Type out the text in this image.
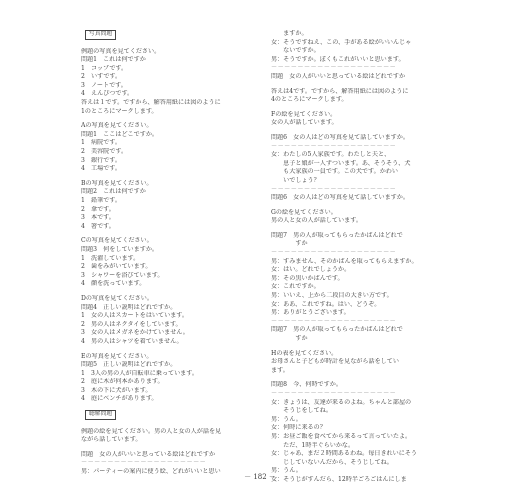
写真問題
例題の写真を見てください。
問題1　これは何ですか
1　コップです。
2　いすです。
3　ノートです。
4　えんぴつです。
答えは１です。ですから、解答用紙には図のように
1のところにマークします。
Aの写真を見てください。
問題1　ここはどこですか。
1　病院です。
2　美容院です。
3　銀行です。
4　工場です。
Bの写真を見てください。
問題2　これは何ですか
1　鉛筆です。
2　傘です。
3　本です。
4　箸です。
Cの写真を見てください。
問題3　何をしていますか。
1　洗濯しています。
2　歯をみがいています。
3　シャワーを浴びています。
4　顔を洗っています。
Dの写真を見てください。
問題4　正しい説明はどれですか。
1　女の人はスカートをはいています。
2　男の人はネクタイをしています。
3　女の人はメガネをかけていません。
4　男の人はシャツを着ていません。
Eの写真を見てください。
問題5　正しい説明はどれですか。
1　3人の男の人が自転車に乗っています。
2　庭に木が何本かあります。
3　木の下に犬がいます。
4　庭にベンチがあります。
聴解問題
例題の絵を見てください。男の人と女の人が話を見
ながら話しています。
問題　女の人がいいと思っている絵はどれですか
－－－－－－－－－－－－－－－－－－－
男：パーティーの案内に使う絵、どれがいいと思い
　　ますか。
女：そうですねえ、この、手がある絵がいいんじゃ
　　ないですか。
男：そうですか。ぼくもこれがいいと思います。
－－－－－－－－－－－－－－－－－－－
問題　女の人がいいと思っている絵はどれですか
答えは4です。ですから、解答用紙には図のように
4のところにマークします。
Fの絵を見てください。
女の人が話しています。
問題6　女の人はどの写真を見て話していますか。
－－－－－－－－－－－－－－－－－－－
女：わたしの5人家族です。わたしと夫と、
　　息子と娘が一人ずついます。あ、そうそう、犬
　　も大家族の一員です。この犬です。かわい
　　いでしょう？
－－－－－－－－－－－－－－－－－－－
問題6　女の人はどの写真を見て話していますか。
Gの絵を見てください。
男の人と女の人が話しています。
問題7　男の人が取ってもらったかばんはどれで
　　　　すか
－－－－－－－－－－－－－－－－－－－
男：すみません、そのかばんを取ってもらえますか。
女：はい。どれでしょうか。
男：その黒いかばんです。
女：これですか。
男：いいえ、上から二段目の大きい方です。
女：ああ、これですね。はい、どうぞ。
男：ありがとうございます。
－－－－－－－－－－－－－－－－－－－
問題7　男の人が取ってもらったかばんはどれで
　　　　すか
Hの表を見てください。
お母さんと子どもが時計を見ながら話をしてい
ます。
問題8　今、何時ですか。
－－－－－－－－－－－－－－－－－－－
女：きょうは、友達が来るのよね。ちゃんと部屋の
　　そうじをしてね。
男：うん。
女：何時に来るの？
男：お昼ご飯を食べてから来るって言っていたよ。
　　ただ、1時半ぐらいかな。
女：じゃあ、まだ２時間あるわね。毎日きれいにそう
　　じしていないんだから、そうじしてね。
男：うん。
女：そうじがすんだら、12時半ごろごはんにしま
－ 182 －
